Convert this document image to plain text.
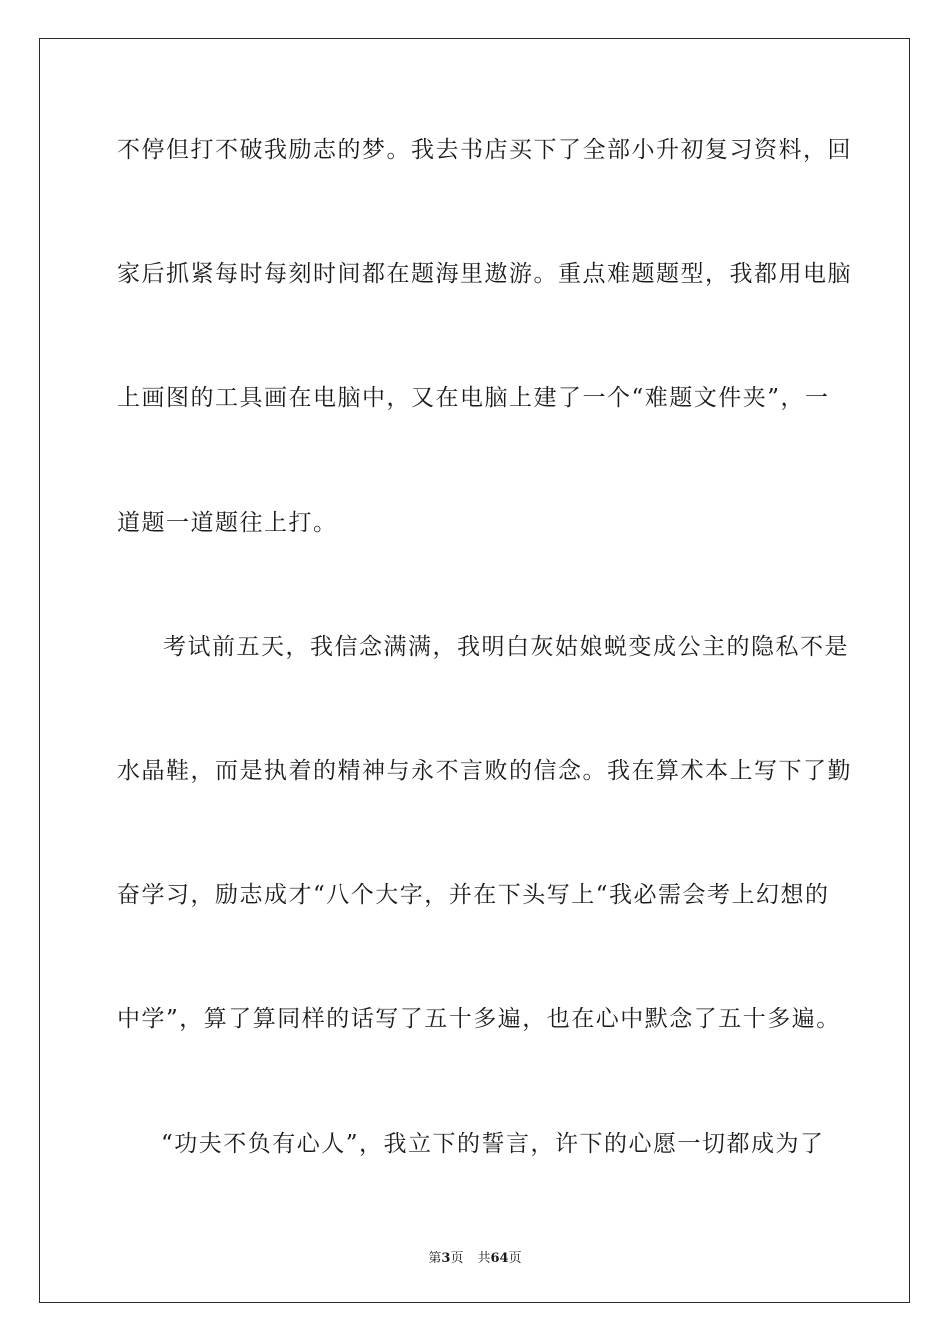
不停但打不破我励志的梦。我去书店买下了全部小升初复习资料，回
家后抓紧每时每刻时间都在题海里遨游。重点难题题型，我都用电脑
上画图的工具画在电脑中，又在电脑上建了一个“难题文件夹”，一
道题一道题往上打。
考试前五天，我信念满满，我明白灰姑娘蜕变成公主的隐私不是
水晶鞋，而是执着的精神与永不言败的信念。我在算术本上写下了勤
奋学习，励志成才“八个大字，并在下头写上“我必需会考上幻想的
中学”，算了算同样的话写了五十多遍，也在心中默念了五十多遍。
“功夫不负有心人”，我立下的誓言，许下的心愿一切都成为了
第3页 共64页
